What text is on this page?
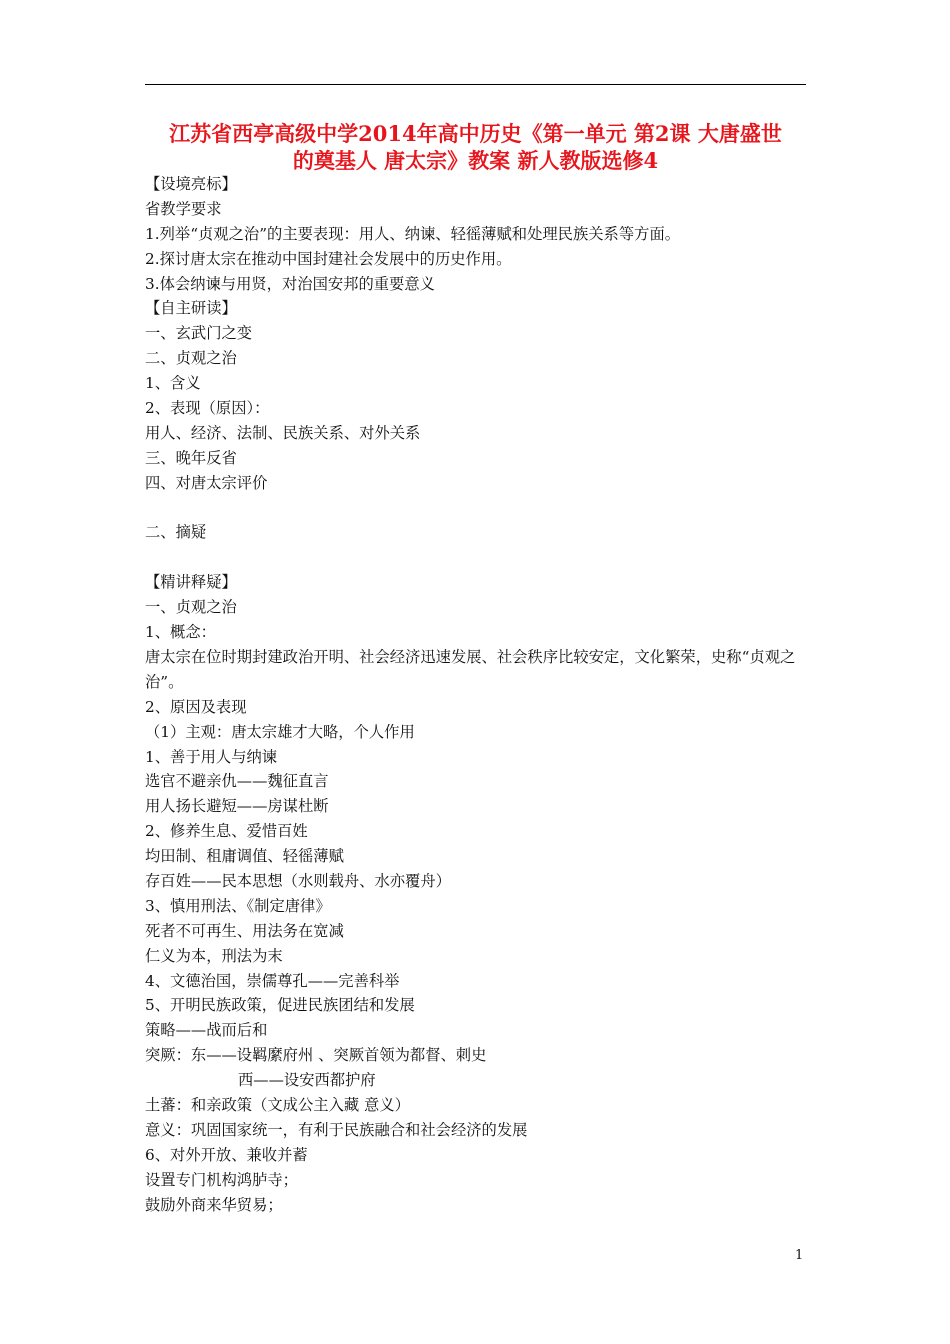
江苏省西亭高级中学2014年高中历史《第一单元 第2课 大唐盛世
的奠基人 唐太宗》教案 新人教版选修4
【设境亮标】
省教学要求
1.列举“贞观之治”的主要表现：用人、纳谏、轻徭薄赋和处理民族关系等方面。
2.探讨唐太宗在推动中国封建社会发展中的历史作用。
3.体会纳谏与用贤，对治国安邦的重要意义
【自主研读】
一、玄武门之变
二、贞观之治
1、含义
2、表现（原因）：
用人、经济、法制、民族关系、对外关系
三、晚年反省
四、对唐太宗评价
二、摘疑
【精讲释疑】
一、贞观之治
1、概念：
唐太宗在位时期封建政治开明、社会经济迅速发展、社会秩序比较安定，文化繁荣，史称“贞观之治”。
2、原因及表现
（1）主观：唐太宗雄才大略，个人作用
1、善于用人与纳谏
选官不避亲仇——魏征直言
用人扬长避短——房谋杜断
2、修养生息、爱惜百姓
均田制、租庸调值、轻徭薄赋
存百姓——民本思想（水则载舟、水亦覆舟）
3、慎用刑法、《制定唐律》
死者不可再生、用法务在宽减
仁义为本，刑法为末
4、文德治国，崇儒尊孔——完善科举
5、开明民族政策，促进民族团结和发展
策略——战而后和
突厥：东——设羁縻府州 、突厥首领为都督、刺史
西——设安西都护府
土蕃：和亲政策（文成公主入藏 意义）
意义：巩固国家统一，有利于民族融合和社会经济的发展
6、对外开放、兼收并蓄
设置专门机构鸿胪寺；
鼓励外商来华贸易；
1
